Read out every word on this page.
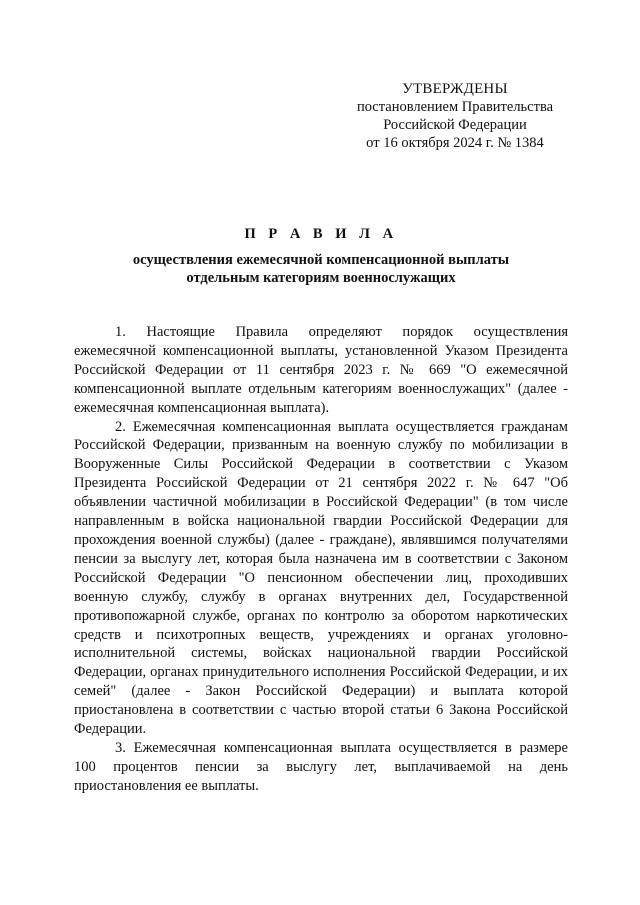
УТВЕРЖДЕНЫ
постановлением Правительства
Российской Федерации
от 16 октября 2024 г. № 1384
П Р А В И Л А
осуществления ежемесячной компенсационной выплаты
отдельным категориям военнослужащих

1. Настоящие Правила определяют порядок осуществления ежемесячной компенсационной выплаты, установленной Указом Президента Российской Федерации от 11 сентября 2023 г. № 669 "О ежемесячной компенсационной выплате отдельным категориям военнослужащих" (далее - ежемесячная компенсационная выплата).

2. Ежемесячная компенсационная выплата осуществляется гражданам Российской Федерации, призванным на военную службу по мобилизации в Вооруженные Силы Российской Федерации в соответствии с Указом Президента Российской Федерации от 21 сентября 2022 г. № 647 "Об объявлении частичной мобилизации в Российской Федерации" (в том числе направленным в войска национальной гвардии Российской Федерации для прохождения военной службы) (далее - граждане), являвшимся получателями пенсии за выслугу лет, которая была назначена им в соответствии с Законом Российской Федерации "О пенсионном обеспечении лиц, проходивших военную службу, службу в органах внутренних дел, Государственной противопожарной службе, органах по контролю за оборотом наркотических средств и психотропных веществ, учреждениях и органах уголовно-исполнительной системы, войсках национальной гвардии Российской Федерации, органах принудительного исполнения Российской Федерации, и их семей" (далее - Закон Российской Федерации) и выплата которой приостановлена в соответствии с частью второй статьи 6 Закона Российской Федерации.

3. Ежемесячная компенсационная выплата осуществляется в размере 100 процентов пенсии за выслугу лет, выплачиваемой на день приостановления ее выплаты.
